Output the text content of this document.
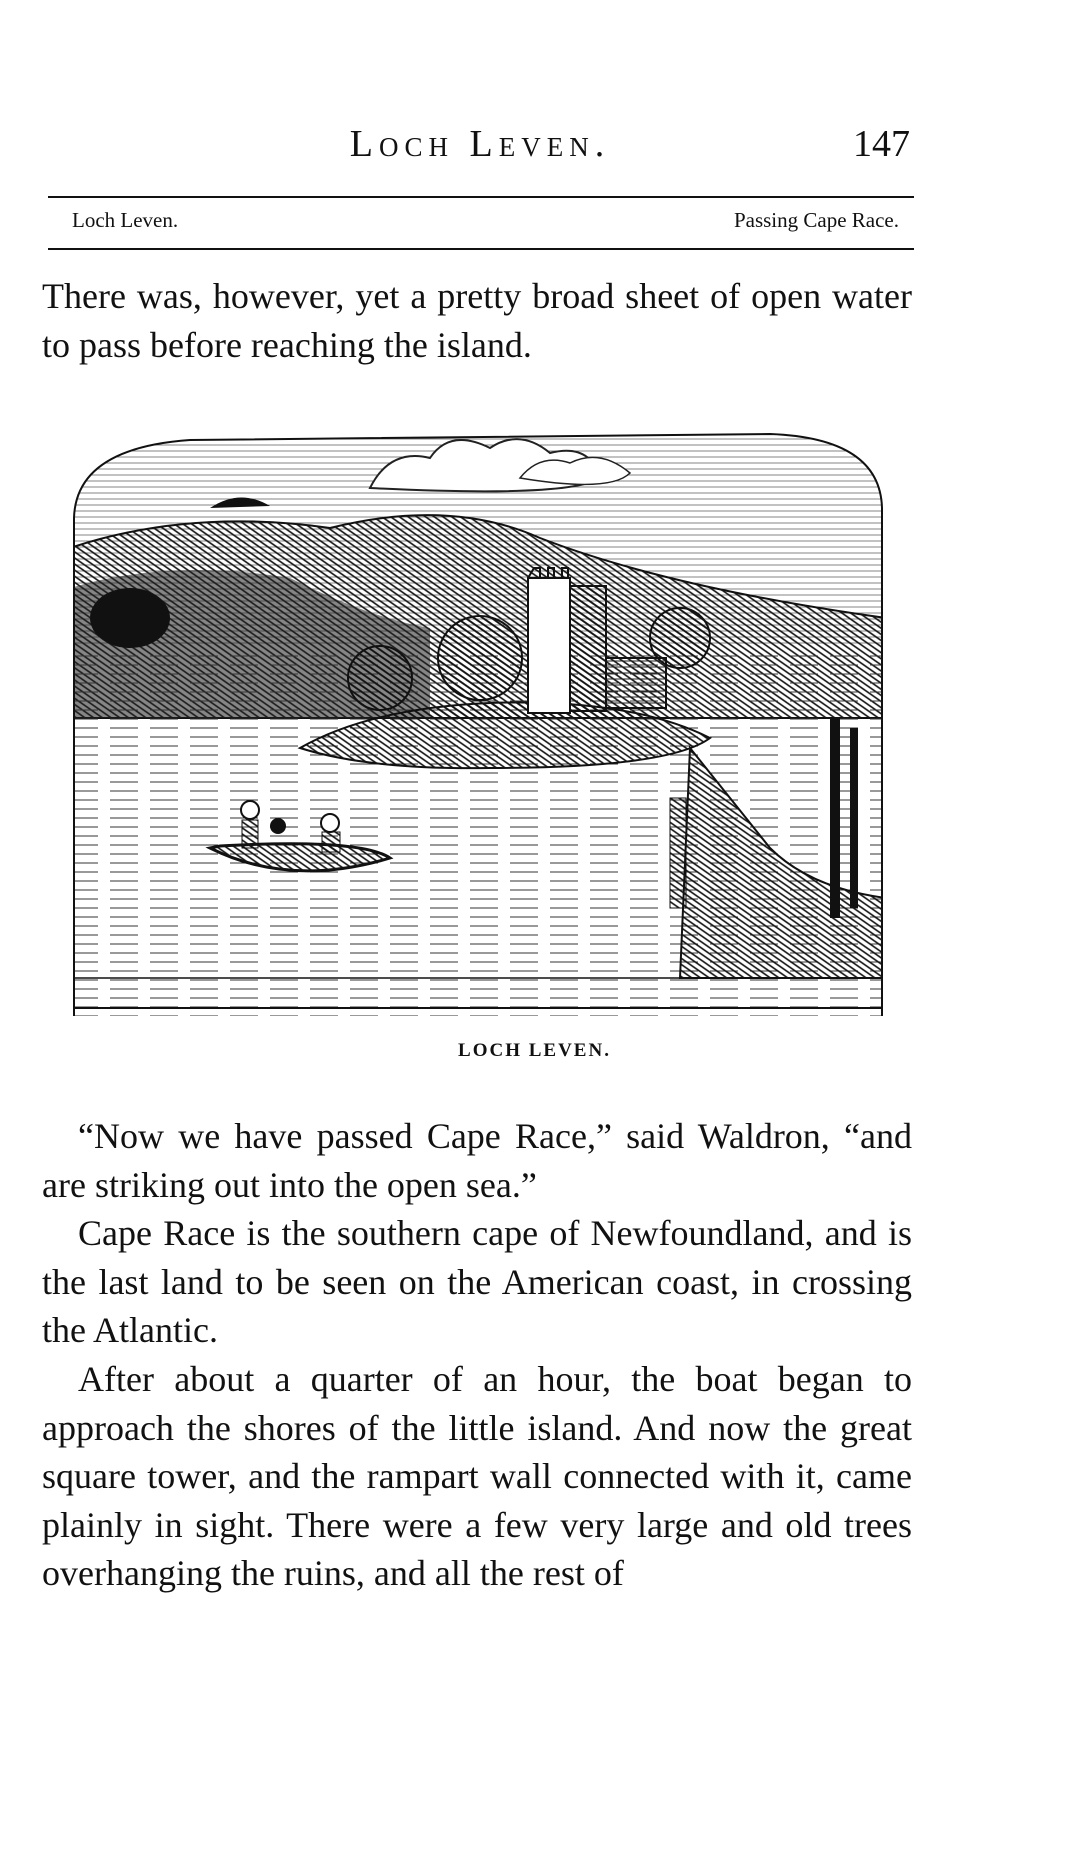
Loch Leven.	147
Loch Leven.	Passing Cape Race.

There was, however, yet a pretty broad sheet of open water to pass before reaching the island.

LOCH LEVEN.

“Now we have passed Cape Race,” said Waldron, “and are striking out into the open sea.”

Cape Race is the southern cape of Newfoundland, and is the last land to be seen on the American coast, in crossing the Atlantic.

After about a quarter of an hour, the boat began to approach the shores of the little island. And now the great square tower, and the rampart wall connected with it, came plainly in sight. There were a few very large and old trees overhanging the ruins, and all the rest of
